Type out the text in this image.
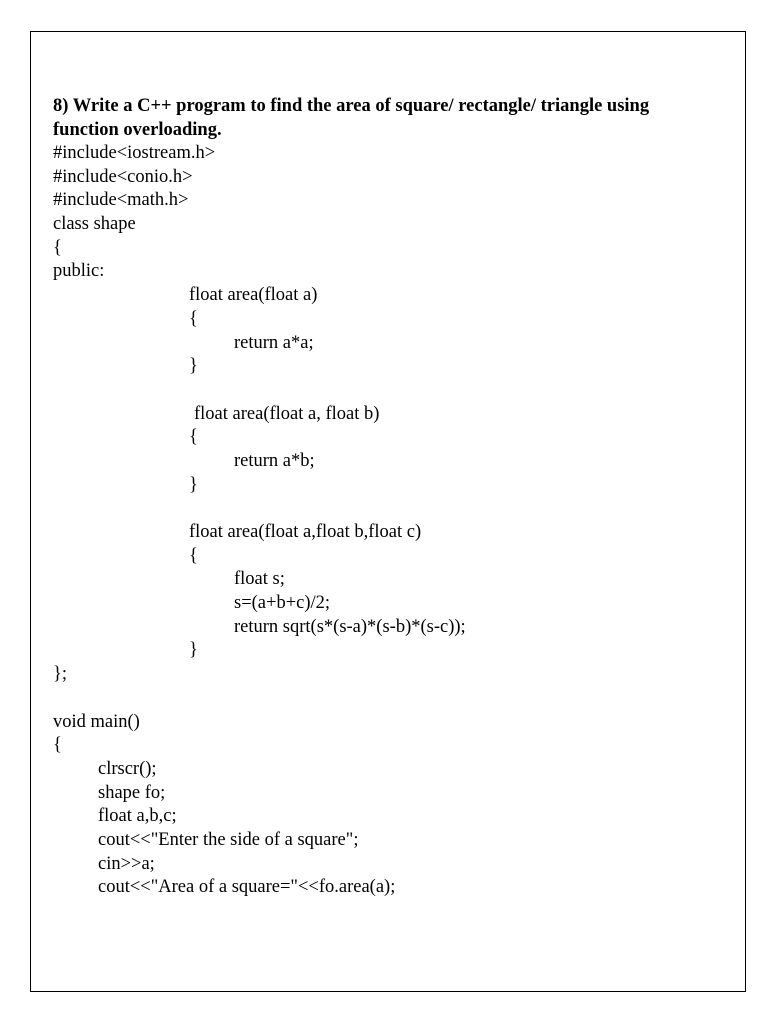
8) Write a C++ program to find the area of square/ rectangle/ triangle using
function overloading.
#include<iostream.h>
#include<conio.h>
#include<math.h>
class shape
{
public:
float area(float a)
{
return a*a;
}
float area(float a, float b)
{
return a*b;
}
float area(float a,float b,float c)
{
float s;
s=(a+b+c)/2;
return sqrt(s*(s-a)*(s-b)*(s-c));
}
};
void main()
{
clrscr();
shape fo;
float a,b,c;
cout<<"Enter the side of a square";
cin>>a;
cout<<"Area of a square="<<fo.area(a);
